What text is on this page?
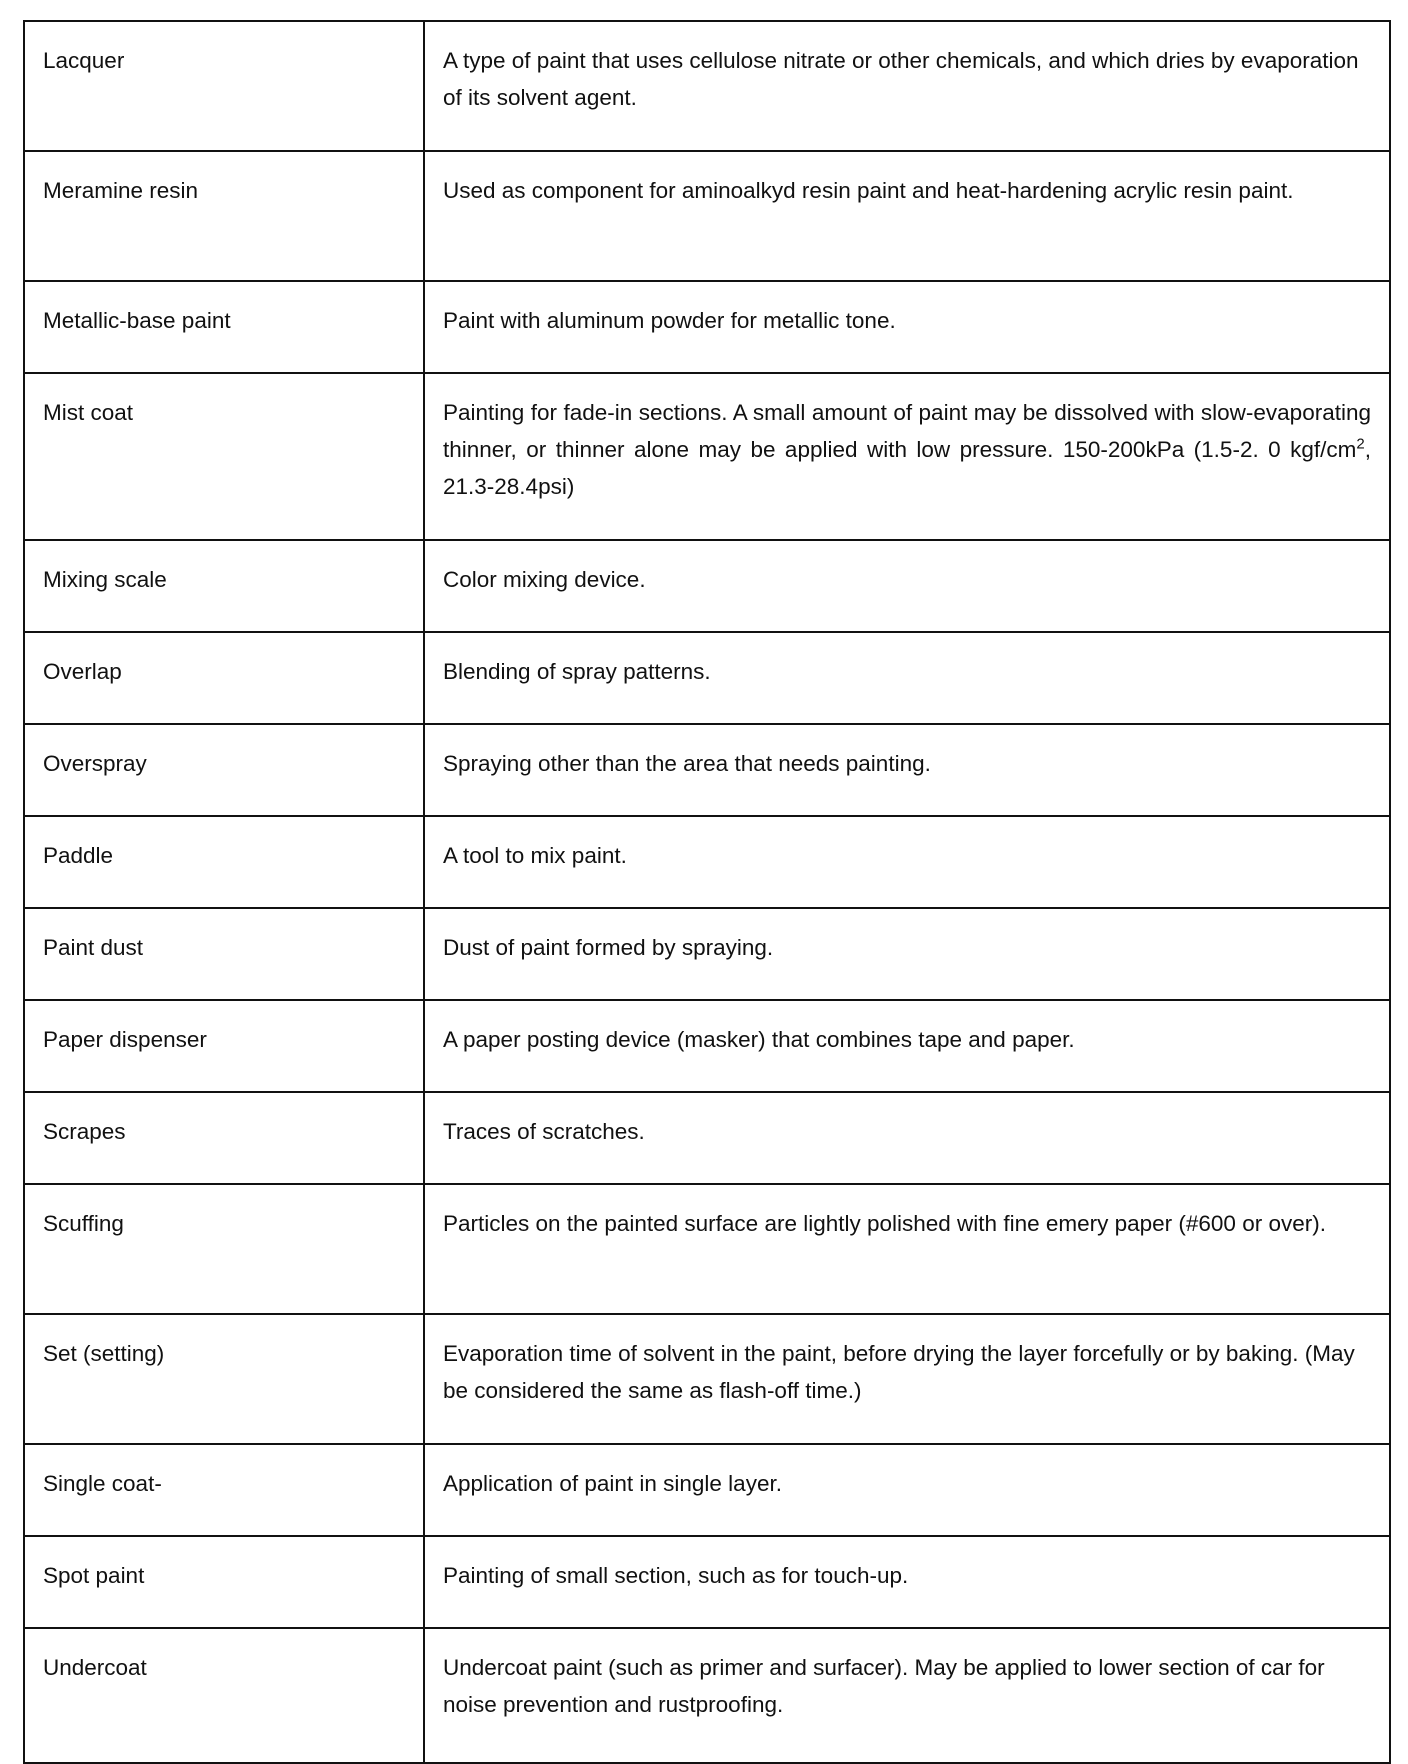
Lacquer	A type of paint that uses cellulose nitrate or other chemicals, and which dries by evaporation of its solvent agent.
Meramine resin	Used as component for aminoalkyd resin paint and heat-hardening acrylic resin paint.
Metallic-base paint	Paint with aluminum powder for metallic tone.
Mist coat	Painting for fade-in sections. A small amount of paint may be dissolved with slow-evaporating thinner, or thinner alone may be applied with low pressure. 150-200kPa (1.5-2. 0 kgf/$cm^2$, 21.3-28.4psi)
Mixing scale	Color mixing device.
Overlap	Blending of spray patterns.
Overspray	Spraying other than the area that needs painting.
Paddle	A tool to mix paint.
Paint dust	Dust of paint formed by spraying.
Paper dispenser	A paper posting device (masker) that combines tape and paper.
Scrapes	Traces of scratches.
Scuffing	Particles on the painted surface are lightly polished with fine emery paper (#600 or over).
Set (setting)	Evaporation time of solvent in the paint, before drying the layer forcefully or by baking. (May be considered the same as flash-off time.)
Single coat-	Application of paint in single layer.
Spot paint	Painting of small section, such as for touch-up.
Undercoat	Undercoat paint (such as primer and surfacer). May be applied to lower section of car for noise prevention and rustproofing.
